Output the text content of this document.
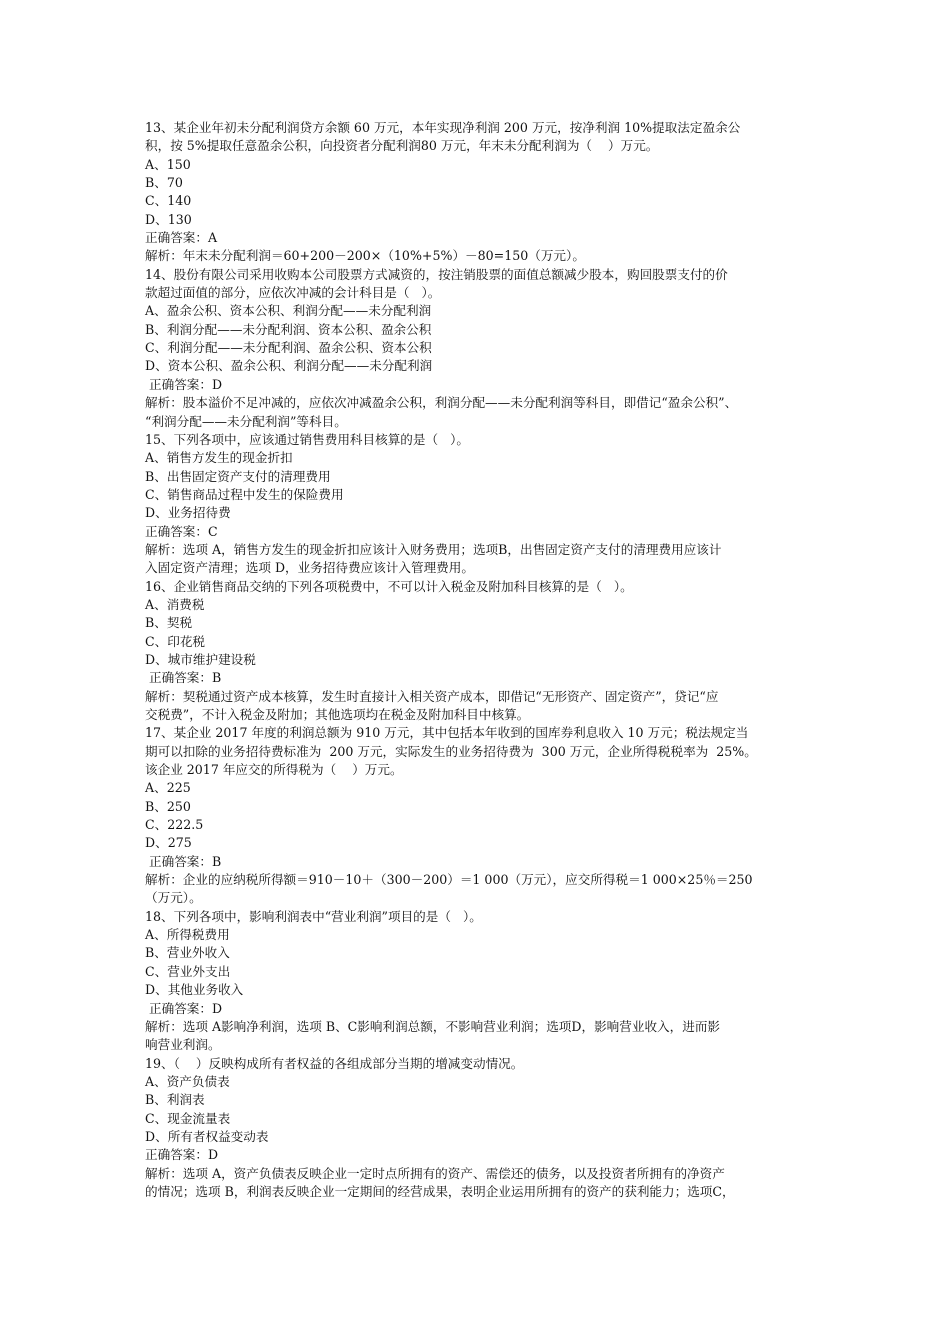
13、某企业年初未分配利润贷方余额 60 万元，本年实现净利润 200 万元，按净利润 10%提取法定盈余公
积，按 5%提取任意盈余公积，向投资者分配利润80 万元，年末未分配利润为（    ）万元。
A、150
B、70
C、140
D、130
正确答案：A
解析：年末未分配利润＝60+200－200×（10%+5%）－80=150（万元）。
14、股份有限公司采用收购本公司股票方式减资的，按注销股票的面值总额减少股本，购回股票支付的价
款超过面值的部分，应依次冲减的会计科目是（   ）。
A、盈余公积、资本公积、利润分配——未分配利润
B、利润分配——未分配利润、资本公积、盈余公积
C、利润分配——未分配利润、盈余公积、资本公积
D、资本公积、盈余公积、利润分配——未分配利润
正确答案：D
解析：股本溢价不足冲减的，应依次冲减盈余公积，利润分配——未分配利润等科目，即借记“盈余公积”、
“利润分配——未分配利润”等科目。
15、下列各项中，应该通过销售费用科目核算的是（   ）。
A、销售方发生的现金折扣
B、出售固定资产支付的清理费用
C、销售商品过程中发生的保险费用
D、业务招待费
正确答案：C
解析：选项 A，销售方发生的现金折扣应该计入财务费用；选项B，出售固定资产支付的清理费用应该计
入固定资产清理；选项 D，业务招待费应该计入管理费用。
16、企业销售商品交纳的下列各项税费中，不可以计入税金及附加科目核算的是（   ）。
A、消费税
B、契税
C、印花税
D、城市维护建设税
正确答案：B
解析：契税通过资产成本核算，发生时直接计入相关资产成本，即借记“无形资产、固定资产”，贷记“应
交税费”，不计入税金及附加；其他选项均在税金及附加科目中核算。
17、某企业 2017 年度的利润总额为 910 万元，其中包括本年收到的国库券利息收入 10 万元；税法规定当
期可以扣除的业务招待费标准为  200 万元，实际发生的业务招待费为  300 万元，企业所得税税率为  25%。
该企业 2017 年应交的所得税为（    ）万元。
A、225
B、250
C、222.5
D、275
正确答案：B
解析：企业的应纳税所得额＝910－10＋（300－200）＝1 000（万元），应交所得税＝1 000×25％＝250
（万元）。
18、下列各项中，影响利润表中“营业利润”项目的是（   ）。
A、所得税费用
B、营业外收入
C、营业外支出
D、其他业务收入
正确答案：D
解析：选项 A影响净利润，选项 B、C影响利润总额，不影响营业利润；选项D，影响营业收入，进而影
响营业利润。
19、（    ）反映构成所有者权益的各组成部分当期的增减变动情况。
A、资产负债表
B、利润表
C、现金流量表
D、所有者权益变动表
正确答案：D
解析：选项 A，资产负债表反映企业一定时点所拥有的资产、需偿还的债务，以及投资者所拥有的净资产
的情况；选项 B，利润表反映企业一定期间的经营成果，表明企业运用所拥有的资产的获利能力；选项C，
